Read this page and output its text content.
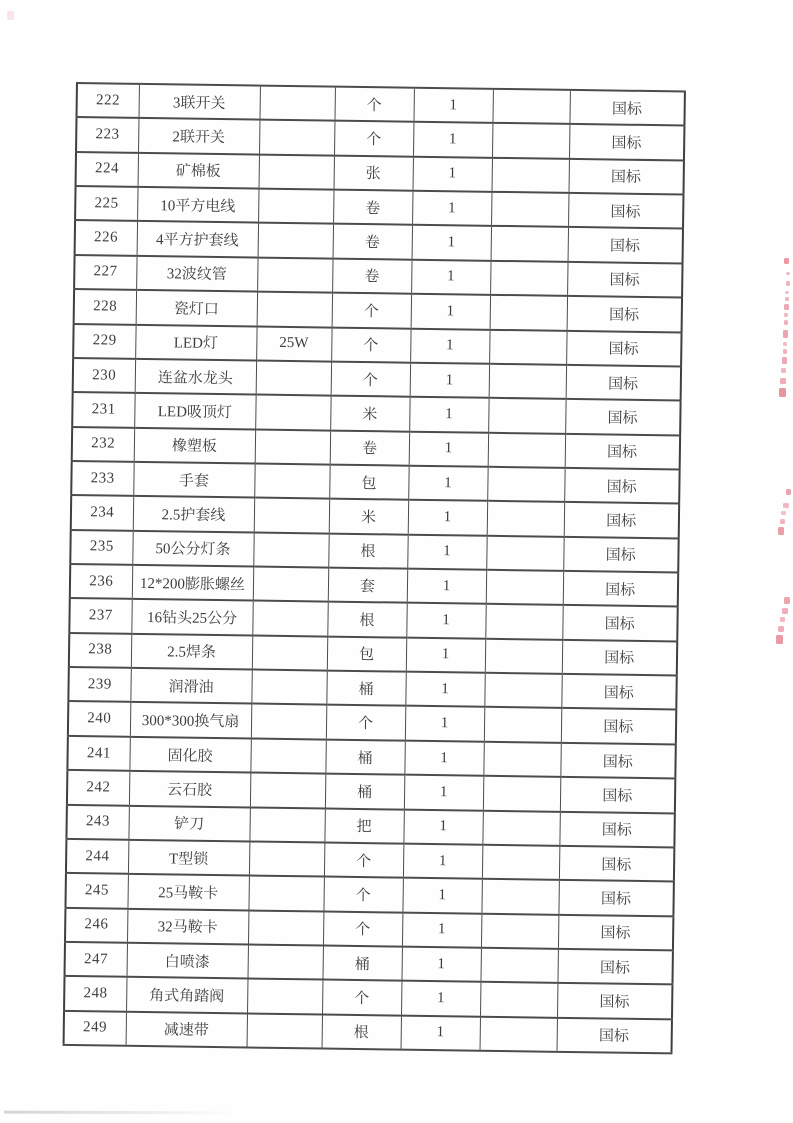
222	3联开关		个	1		国标
223	2联开关		个	1		国标
224	矿棉板		张	1		国标
225	10平方电线		卷	1		国标
226	4平方护套线		卷	1		国标
227	32波纹管		卷	1		国标
228	瓷灯口		个	1		国标
229	LED灯	25W	个	1		国标
230	连盆水龙头		个	1		国标
231	LED吸顶灯		米	1		国标
232	橡塑板		卷	1		国标
233	手套		包	1		国标
234	2.5护套线		米	1		国标
235	50公分灯条		根	1		国标
236	12*200膨胀螺丝		套	1		国标
237	16钻头25公分		根	1		国标
238	2.5焊条		包	1		国标
239	润滑油		桶	1		国标
240	300*300换气扇		个	1		国标
241	固化胶		桶	1		国标
242	云石胶		桶	1		国标
243	铲刀		把	1		国标
244	T型锁		个	1		国标
245	25马鞍卡		个	1		国标
246	32马鞍卡		个	1		国标
247	白喷漆		桶	1		国标
248	角式角踏阀		个	1		国标
249	减速带		根	1		国标
